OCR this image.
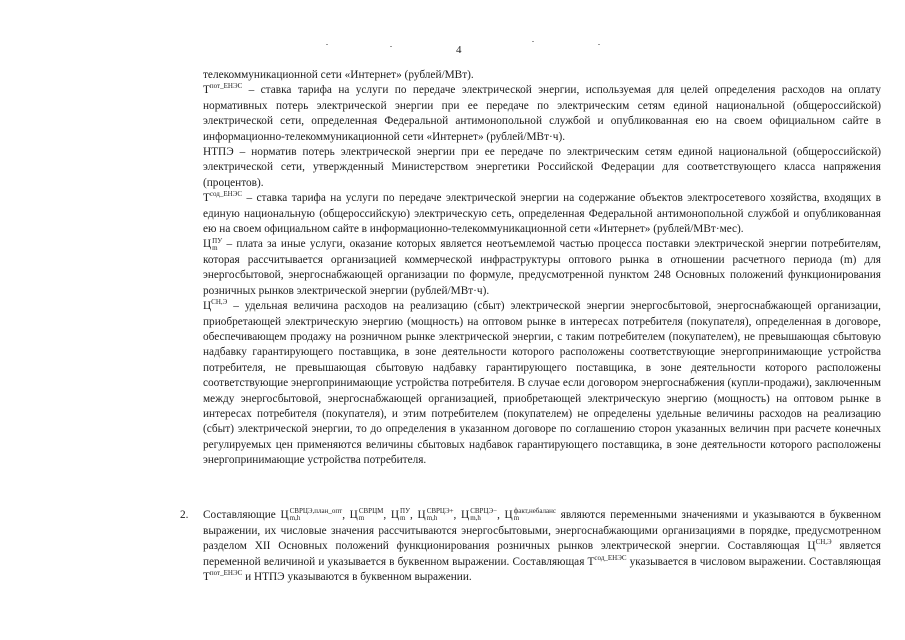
4
телекоммуникационной сети «Интернет» (рублей/МВт).
$Т^{пот\_ЕНЭС}$ – ставка тарифа на услуги по передаче электрической энергии, используемая для целей определения расходов на оплату нормативных потерь электрической энергии при ее передаче по электрическим сетям единой национальной (общероссийской) электрической сети, определенная Федеральной антимонопольной службой и опубликованная ею на своем официальном сайте в информационно-телекоммуникационной сети «Интернет» (рублей/МВт·ч).
НТПЭ – норматив потерь электрической энергии при ее передаче по электрическим сетям единой национальной (общероссийской) электрической сети, утвержденный Министерством энергетики Российской Федерации для соответствующего класса напряжения (процентов).
$Т^{сод\_ЕНЭС}$ – ставка тарифа на услуги по передаче электрической энергии на содержание объектов электросетевого хозяйства, входящих в единую национальную (общероссийскую) электрическую сеть, определенная Федеральной антимонопольной службой и опубликованная ею на своем официальном сайте в информационно-телекоммуникационной сети «Интернет» (рублей/МВт·мес).
Ц ПУ
m – плата за иные услуги, оказание которых является неотъемлемой частью процесса поставки электрической энергии потребителям, которая рассчитывается организацией коммерческой инфраструктуры оптового рынка в отношении расчетного периода (m) для энергосбытовой, энергоснабжающей организации по формуле, предусмотренной пунктом 248 Основных положений функционирования розничных рынков электрической энергии (рублей/МВт·ч).
$Ц^{СН,Э}$ – удельная величина расходов на реализацию (сбыт) электрической энергии энергосбытовой, энергоснабжающей организации, приобретающей электрическую энергию (мощность) на оптовом рынке в интересах потребителя (покупателя), определенная в договоре, обеспечивающем продажу на розничном рынке электрической энергии, с таким потребителем (покупателем), не превышающая сбытовую надбавку гарантирующего поставщика, в зоне деятельности которого расположены соответствующие энергопринимающие устройства потребителя, не превышающая сбытовую надбавку гарантирующего поставщика, в зоне деятельности которого расположены соответствующие энергопринимающие устройства потребителя. В случае если договором энергоснабжения (купли-продажи), заключенным между энергосбытовой, энергоснабжающей организацией, приобретающей электрическую энергию (мощность) на оптовом рынке в интересах потребителя (покупателя), и этим потребителем (покупателем) не определены удельные величины расходов на реализацию (сбыт) электрической энергии, то до определения в указанном договоре по соглашению сторон указанных величин при расчете конечных регулируемых цен применяются величины сбытовых надбавок гарантирующего поставщика, в зоне деятельности которого расположены энергопринимающие устройства потребителя.
2. Составляющие Ц СВРЦЭ,план_опт
m,h	, Ц СВРЦМ
m	, Ц ПУ
m , Ц СВРЦЭ+
m,h	, Ц СВРЦЭ−
m,h	, Ц факт,небаланс
m	являются переменными значениями и указываются в буквенном выражении, их числовые значения рассчитываются энергосбытовыми, энергоснабжающими организациями в порядке, предусмотренном разделом XII Основных положений функционирования розничных рынков электрической энергии. Составляющая $Ц^{СН,Э}$ является переменной величиной и указывается в буквенном выражении. Составляющая $Т^{сод\_ЕНЭС}$ указывается в числовом выражении. Составляющая $Т^{пот\_ЕНЭС}$ и НТПЭ указываются в буквенном выражении.
